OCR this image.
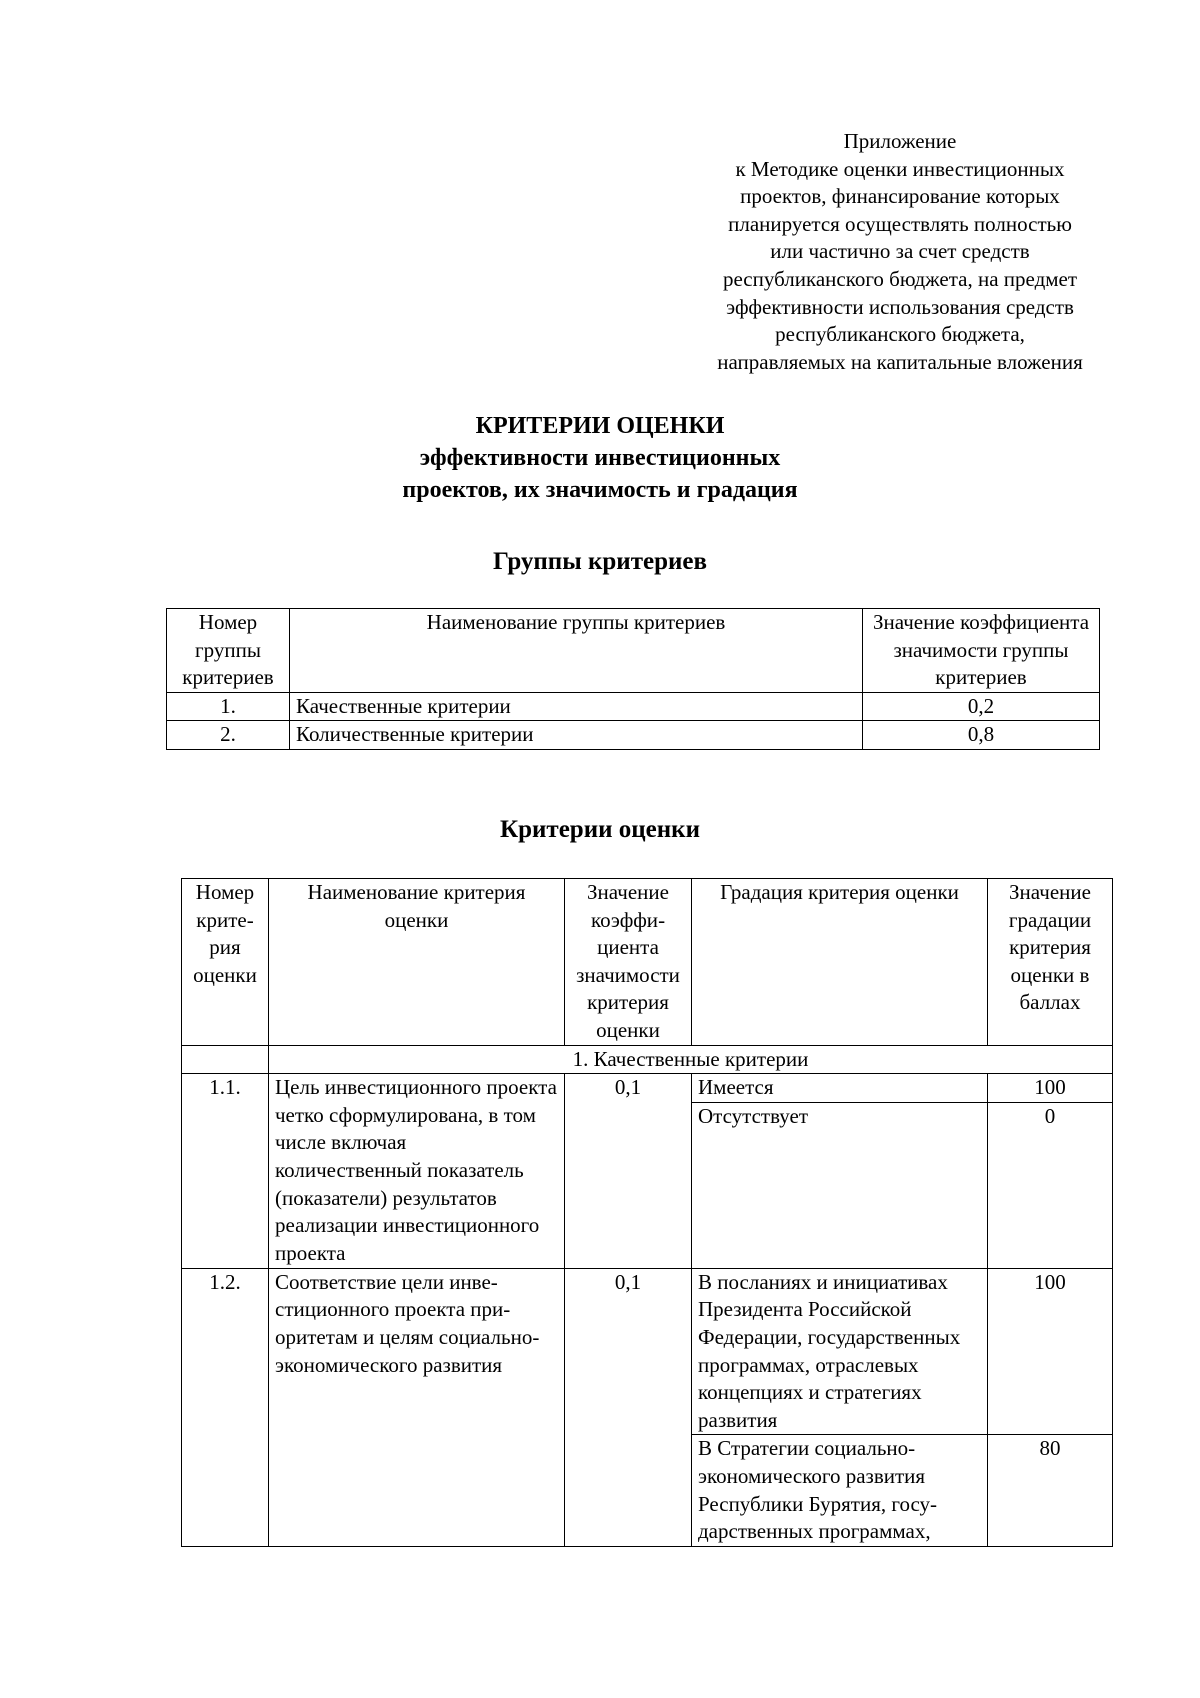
Приложение
к Методике оценки инвестиционных
проектов, финансирование которых
планируется осуществлять полностью
или частично за счет средств
республиканского бюджета, на предмет
эффективности использования средств
республиканского бюджета,
направляемых на капитальные вложения
КРИТЕРИИ ОЦЕНКИ
эффективности инвестиционных
проектов, их значимость и градация
Группы критериев
Номер группы критериев	Наименование группы критериев	Значение коэффициента значимости группы критериев
1.	Качественные критерии	0,2
2.	Количественные критерии	0,8
Критерии оценки
Номер критерия оценки	Наименование критерия оценки	Значение коэффициента значимости критерия оценки	Градация критерия оценки	Значение градации критерия оценки в баллах
	1. Качественные критерии			
1.1.	Цель инвестиционного проекта четко сформулирована, в том числе включая количественный показатель (показатели) результатов реализации инвестиционного проекта	0,1	Имеется	100
			Отсутствует	0
1.2.	Соответствие цели инвестиционного проекта приоритетам и целям социально-экономического развития	0,1	В посланиях и инициативах Президента Российской Федерации, государственных программах, отраслевых концепциях и стратегиях развития	100
			В Стратегии социально-экономического развития Республики Бурятия, государственных программах,	80
